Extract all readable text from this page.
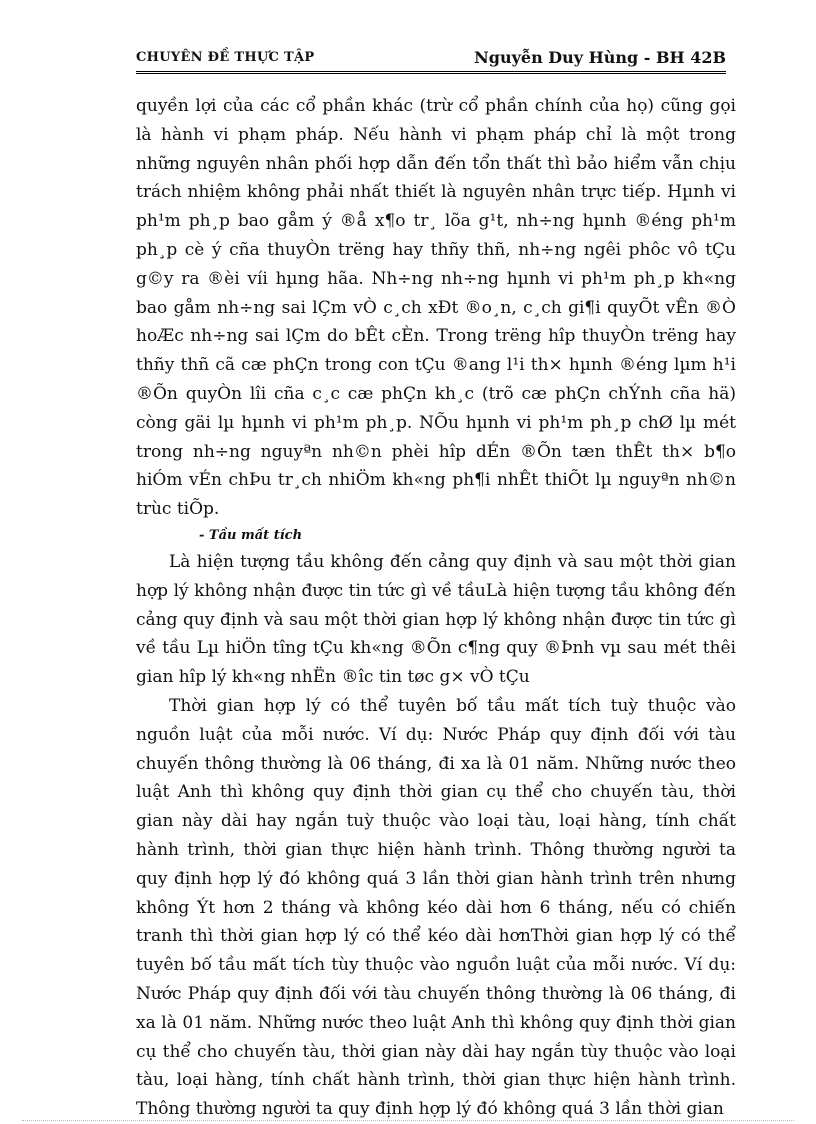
CHUYÊN ĐỀ THỰC TẬP	Nguyễn Duy Hùng - BH 42B

quyền lợi của các cổ phần khác (trừ cổ phần chính của họ) cũng gọi là hành vi phạm pháp. Nếu hành vi phạm pháp chỉ là một trong những nguyên nhân phối hợp dẫn đến tổn thất thì bảo hiểm vẫn chịu trách nhiệm không phải nhất thiết là nguyên nhân trực tiếp. Hµnh vi ph¹m ph¸p bao gåm ý ®å x¶o tr¸ lõa g¹t, nh÷ng hµnh ®éng ph¹m ph¸p cè ý cña thuyÒn trëng hay thñy thñ, nh÷ng ngêi phôc vô tÇu g©y ra ®èi víi hµng hãa. Nh÷ng nh÷ng hµnh vi ph¹m ph¸p kh«ng bao gåm nh÷ng sai lÇm vÒ c¸ch xÐt ®o¸n, c¸ch gi¶i quyÕt vÊn ®Ò hoÆc nh÷ng sai lÇm do bÊt cÈn. Trong trëng hîp thuyÒn trëng hay thñy thñ cã cæ phÇn trong con tÇu ®ang l¹i th× hµnh ®éng lµm h¹i ®Õn quyÒn lîi cña c¸c cæ phÇn kh¸c (trõ cæ phÇn chÝnh cña hä) còng gäi lµ hµnh vi ph¹m ph¸p. NÕu hµnh vi ph¹m ph¸p chØ lµ mét trong nh÷ng nguyªn nh©n phèi hîp dÉn ®Õn tæn thÊt th× b¶o hiÓm vÉn chÞu tr¸ch nhiÖm kh«ng ph¶i nhÊt thiÕt lµ nguyªn nh©n trùc tiÕp.

- Tầu mất tích

Là hiện tượng tầu không đến cảng quy định và sau một thời gian hợp lý không nhận được tin tức gì về tầuLà hiện tượng tầu không đến cảng quy định và sau một thời gian hợp lý không nhận được tin tức gì về tầu Lµ hiÖn tîng tÇu kh«ng ®Õn c¶ng quy ®Þnh vµ sau mét thêi gian hîp lý kh«ng nhËn ®îc tin tøc g× vÒ tÇu

Thời gian hợp lý có thể tuyên bố tầu mất tích tuỳ thuộc vào nguồn luật của mỗi nước. Ví dụ: Nước Pháp quy định đối với tàu chuyến thông thường là 06 tháng, đi xa là 01 năm. Những nước theo luật Anh thì không quy định thời gian cụ thể cho chuyến tàu, thời gian này dài hay ngắn tuỳ thuộc vào loại tàu, loại hàng, tính chất hành trình, thời gian thực hiện hành trình. Thông thường người ta quy định hợp lý đó không quá 3 lần thời gian hành trình trên nhưng không Ýt hơn 2 tháng và không kéo dài hơn 6 tháng, nếu có chiến tranh thì thời gian hợp lý có thể kéo dài hơnThời gian hợp lý có thể tuyên bố tầu mất tích tùy thuộc vào nguồn luật của mỗi nước. Ví dụ: Nước Pháp quy định đối với tàu chuyến thông thường là 06 tháng, đi xa là 01 năm. Những nước theo luật Anh thì không quy định thời gian cụ thể cho chuyến tàu, thời gian này dài hay ngắn tùy thuộc vào loại tàu, loại hàng, tính chất hành trình, thời gian thực hiện hành trình. Thông thường người ta quy định hợp lý đó không quá 3 lần thời gian
